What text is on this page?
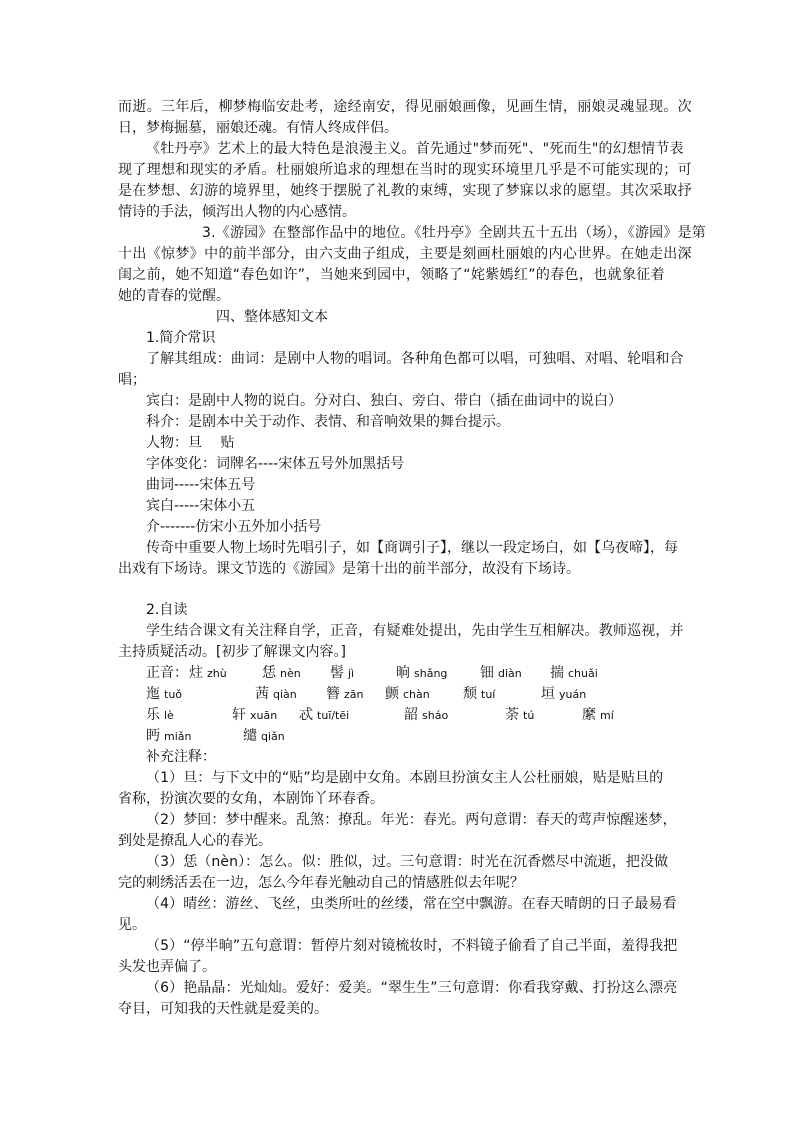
而逝。三年后，柳梦梅临安赴考，途经南安，得见丽娘画像，见画生情，丽娘灵魂显现。次
日，梦梅掘墓，丽娘还魂。有情人终成伴侣。
《牡丹亭》艺术上的最大特色是浪漫主义。首先通过"梦而死"、"死而生"的幻想情节表
现了理想和现实的矛盾。杜丽娘所追求的理想在当时的现实环境里几乎是不可能实现的；可
是在梦想、幻游的境界里，她终于摆脱了礼教的束缚，实现了梦寐以求的愿望。其次采取抒
情诗的手法，倾泻出人物的内心感情。
3.《游园》在整部作品中的地位。《牡丹亭》全剧共五十五出（场），《游园》是第
十出《惊梦》中的前半部分，由六支曲子组成，主要是刻画杜丽娘的内心世界。在她走出深
闺之前，她不知道“春色如许”，当她来到园中，领略了“姹紫嫣红”的春色，也就象征着
她的青春的觉醒。
四、整体感知文本
1.简介常识
了解其组成：曲词：是剧中人物的唱词。各种角色都可以唱，可独唱、对唱、轮唱和合
唱；
宾白：是剧中人物的说白。分对白、独白、旁白、带白（插在曲词中的说白）
科介：是剧本中关于动作、表情、和音响效果的舞台提示。
人物：旦　 贴
字体变化：词牌名----宋体五号外加黑括号
曲词-----宋体五号
宾白-----宋体小五
介-------仿宋小五外加小括号
传奇中重要人物上场时先唱引子，如【商调引子】，继以一段定场白，如【乌夜啼】，每
出戏有下场诗。课文节选的《游园》是第十出的前半部分，故没有下场诗。
2.自读
学生结合课文有关注释自学，正音，有疑难处提出，先由学生互相解决。教师巡视，并
主持质疑活动。[初步了解课文内容。]
正音： 炷 zhù	恁 nèn 髻 jì	晌 shǎng 钿 diàn 揣 chuǎi
迤 tuǒ	茜 qiàn 簪 zān 颤 chàn 颓 tuí	垣 yuán
乐 lè	轩 xuān 忒 tuī/tēi	韶 sháo	荼 tú	縻 mí
眄 miǎn	缱 qiǎn
补充注释：
（1）旦：与下文中的“贴”均是剧中女角。本剧旦扮演女主人公杜丽娘，贴是贴旦的
省称，扮演次要的女角，本剧饰丫环春香。
（2）梦回：梦中醒来。乱煞：撩乱。年光：春光。两句意谓：春天的莺声惊醒迷梦，
到处是撩乱人心的春光。
（3）恁（nèn）：怎么。似：胜似，过。三句意谓：时光在沉香燃尽中流逝，把没做
完的刺绣活丢在一边，怎么今年春光触动自己的情感胜似去年呢？
（4）晴丝：游丝、飞丝，虫类所吐的丝缕，常在空中飘游。在春天晴朗的日子最易看
见。
（5）“停半晌”五句意谓：暂停片刻对镜梳妆时，不料镜子偷看了自己半面，羞得我把
头发也弄偏了。
（6）艳晶晶：光灿灿。爱好：爱美。“翠生生”三句意谓：你看我穿戴、打扮这么漂亮
夺目，可知我的天性就是爱美的。
